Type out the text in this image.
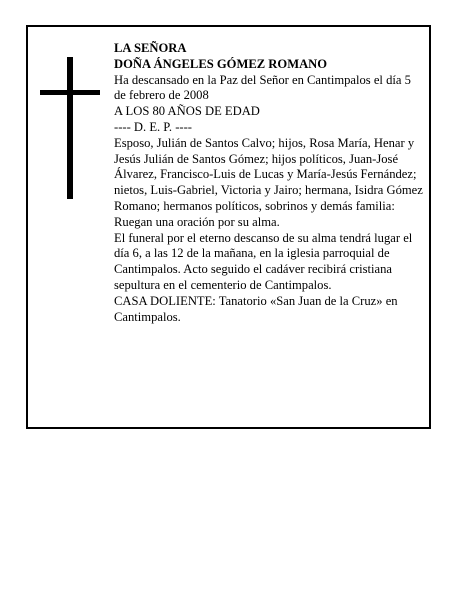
LA SEÑORA

DOÑA ÁNGELES GÓMEZ ROMANO

Ha descansado en la Paz del Señor en Cantimpalos el día 5 de febrero de 2008

A LOS 80 AÑOS DE EDAD

---- D. E. P. ----

Esposo, Julián de Santos Calvo; hijos, Rosa María, Henar y Jesús Julián de Santos Gómez; hijos políticos, Juan-José Álvarez, Francisco-Luis de Lucas y María-Jesús Fernández; nietos, Luis-Gabriel, Victoria y Jairo; hermana, Isidra Gómez Romano; hermanos políticos, sobrinos y demás familia:

Ruegan una oración por su alma.

El funeral por el eterno descanso de su alma tendrá lugar el día 6, a las 12 de la mañana, en la iglesia parroquial de Cantimpalos. Acto seguido el cadáver recibirá cristiana sepultura en el cementerio de Cantimpalos.

CASA DOLIENTE: Tanatorio «San Juan de la Cruz» en Cantimpalos.
